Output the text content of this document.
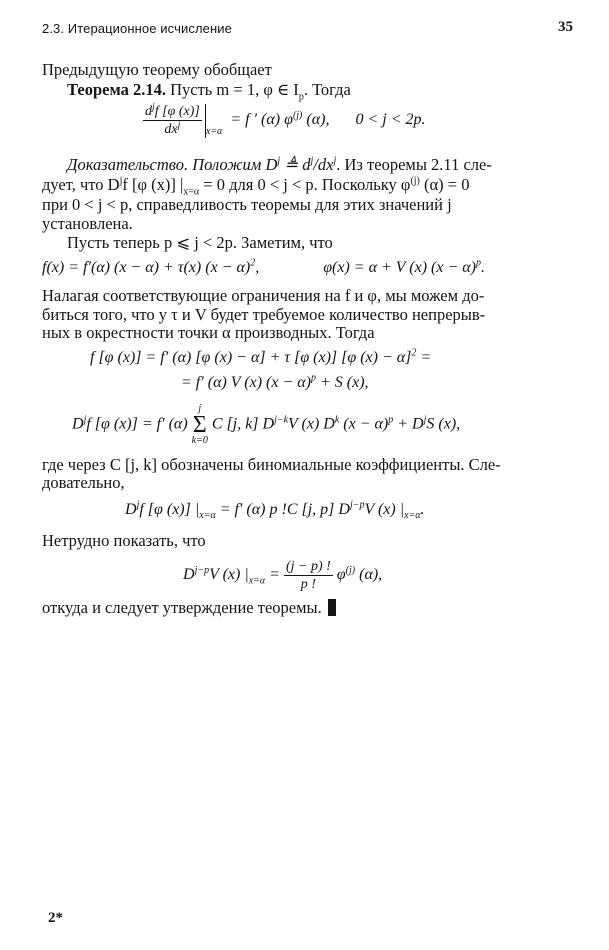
2.3. Итерационное исчисление	35
Предыдущую теорему обобщает
Теорема 2.14. Пусть m = 1, φ ∈ $I_p$. Тогда
$\frac{d^jf [\varphi (x)]}{dx^j} _{x=\alpha} = f$ ′ (α) $\varphi^{(j)}$ (α), 0 < j < 2p.
Доказательство. Положим $D^j$ ≜ $d^j/dx^j$. Из теоремы 2.11 сле-
дует, что $D^jf$ [φ (x)] $|_{x=\alpha} = 0$ для 0 < j < p. Поскольку $\varphi^{(j)}$ (α) = 0
при 0 < j < p, справедливость теоремы для этих значений j
установлена.
Пусть теперь p ⩽ j < 2p. Заметим, что
f(x) = f′(α) (x − α) + τ(x) $(x - \alpha)^2$,	φ(x) = α + V (x) $(x - \alpha)^p$.
Налагая соответствующие ограничения на f и φ, мы можем до-
биться того, что у τ и V будет требуемое количество непрерыв-
ных в окрестности точки α производных. Тогда
f [φ (x)] = f′ (α) [φ (x) − α] + τ [φ (x)] [φ (x) − α]$^2$ =
= f′ (α) V (x) $(x - \alpha)^p + S$ (x),
$D^jf$ [φ (x)] = f′ (α)
j
Σ
k=0
C [j, k] $D^{j-k}V$ (x) $D^k$ $(x - \alpha)^p + D^jS$ (x),
где через C [j, k] обозначены биномиальные коэффициенты. Сле-
довательно,
$D^jf$ [φ (x)] $|_{x=\alpha} = f'$ (α) p !C [j, p] $D^{j-p}V$ (x) $|_{x=\alpha}$.
Нетрудно показать, что
$D^{j-p}V$ (x) $|_{x=\alpha} = \frac{(j - p) !}{p !} \varphi^{(j)}$ (α),
откуда и следует утверждение теоремы.
2*
